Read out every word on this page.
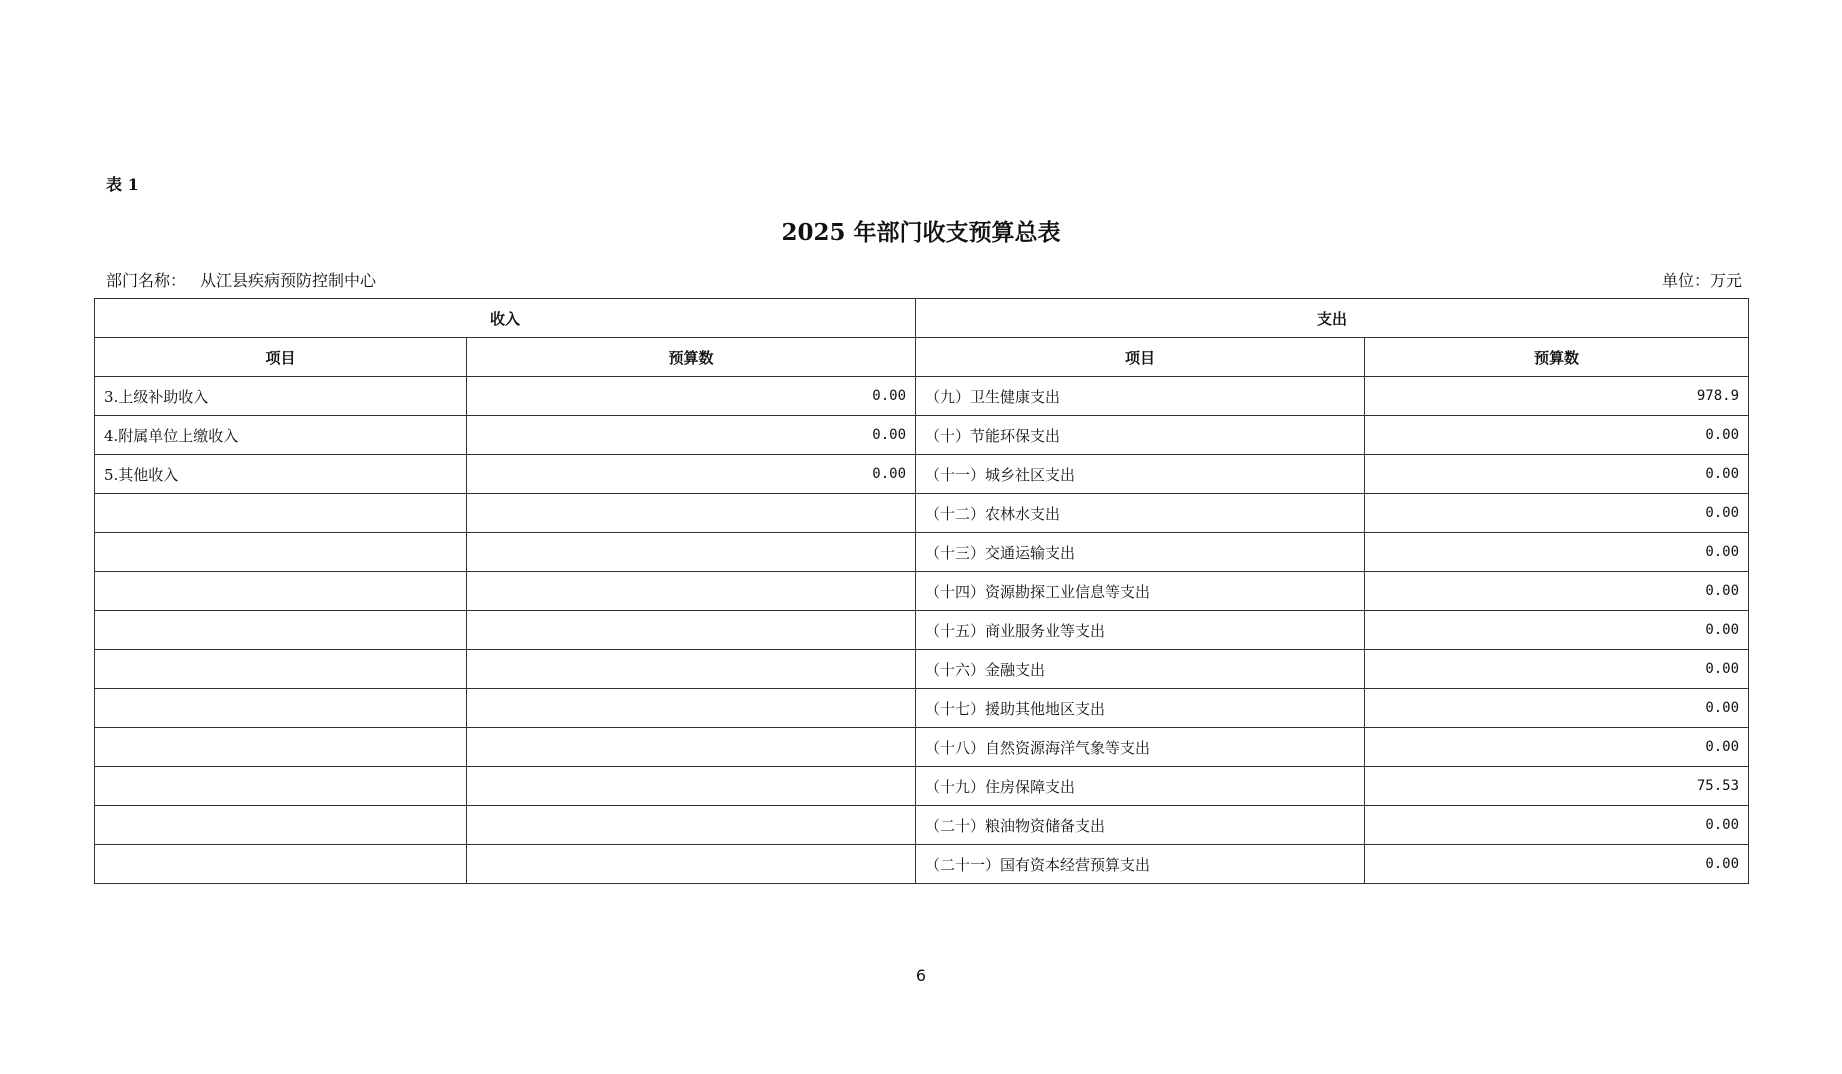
表 1
2025 年部门收支预算总表
部门名称： 从江县疾病预防控制中心	单位：万元
收入		支出	
项目	预算数	项目	预算数
3.上级补助收入	0.00	（九）卫生健康支出	978.9
4.附属单位上缴收入	0.00	（十）节能环保支出	0.00
5.其他收入	0.00	（十一）城乡社区支出	0.00
		（十二）农林水支出	0.00
		（十三）交通运输支出	0.00
		（十四）资源勘探工业信息等支出	0.00
		（十五）商业服务业等支出	0.00
		（十六）金融支出	0.00
		（十七）援助其他地区支出	0.00
		（十八）自然资源海洋气象等支出	0.00
		（十九）住房保障支出	75.53
		（二十）粮油物资储备支出	0.00
		（二十一）国有资本经营预算支出	0.00
6
